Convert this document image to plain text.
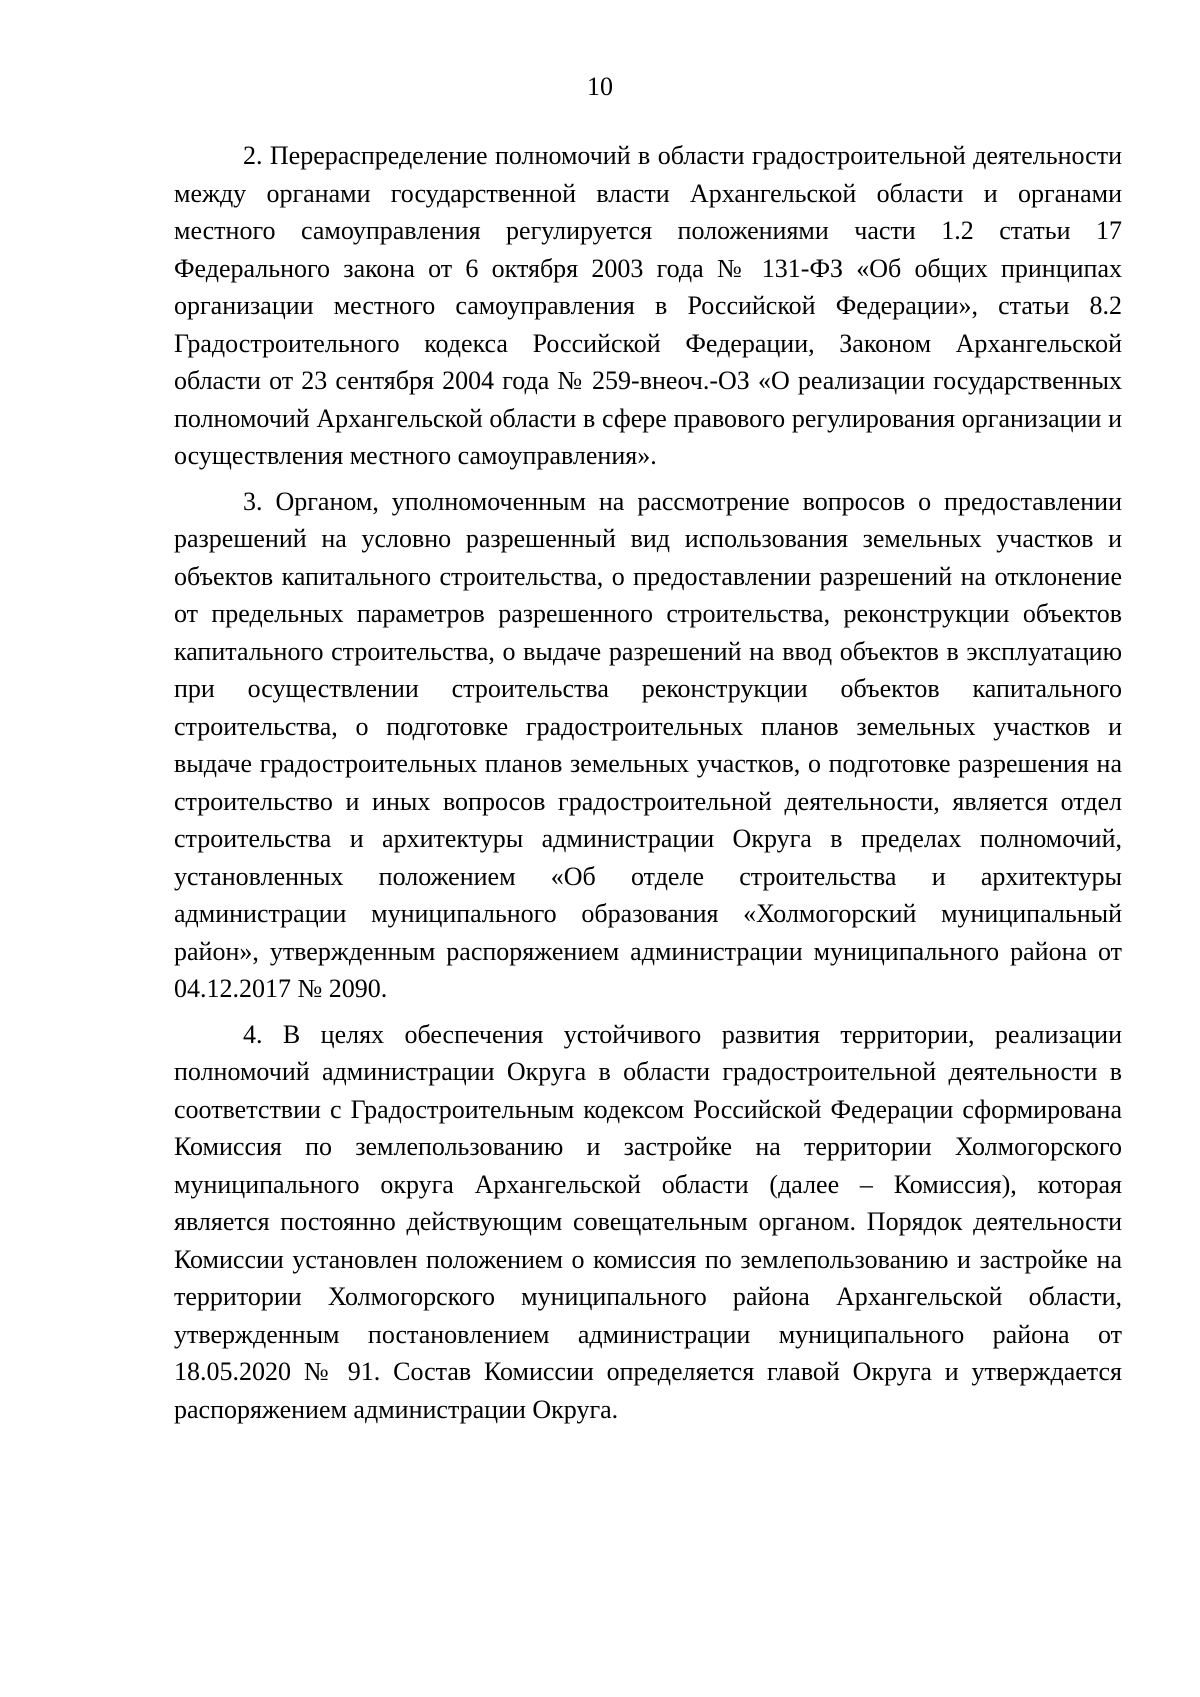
10

2. Перераспределение полномочий в области градостроительной деятельности между органами государственной власти Архангельской области и органами местного самоуправления регулируется положениями части 1.2 статьи 17 Федерального закона от 6 октября 2003 года № 131-ФЗ «Об общих принципах организации местного самоуправления в Российской Федерации», статьи 8.2 Градостроительного кодекса Российской Федерации, Законом Архангельской области от 23 сентября 2004 года № 259-внеоч.-ОЗ «О реализации государственных полномочий Архангельской области в сфере правового регулирования организации и осуществления местного самоуправления».

3. Органом, уполномоченным на рассмотрение вопросов о предоставлении разрешений на условно разрешенный вид использования земельных участков и объектов капитального строительства, о предоставлении разрешений на отклонение от предельных параметров разрешенного строительства, реконструкции объектов капитального строительства, о выдаче разрешений на ввод объектов в эксплуатацию при осуществлении строительства реконструкции объектов капитального строительства, о подготовке градостроительных планов земельных участков и выдаче градостроительных планов земельных участков, о подготовке разрешения на строительство и иных вопросов градостроительной деятельности, является отдел строительства и архитектуры администрации Округа в пределах полномочий, установленных положением «Об отделе строительства и архитектуры администрации муниципального образования «Холмогорский муниципальный район», утвержденным распоряжением администрации муниципального района от 04.12.2017 № 2090.

4. В целях обеспечения устойчивого развития территории, реализации полномочий администрации Округа в области градостроительной деятельности в соответствии с Градостроительным кодексом Российской Федерации сформирована Комиссия по землепользованию и застройке на территории Холмогорского муниципального округа Архангельской области (далее – Комиссия), которая является постоянно действующим совещательным органом. Порядок деятельности Комиссии установлен положением о комиссия по землепользованию и застройке на территории Холмогорского муниципального района Архангельской области, утвержденным постановлением администрации муниципального района от 18.05.2020 № 91. Состав Комиссии определяется главой Округа и утверждается распоряжением администрации Округа.
